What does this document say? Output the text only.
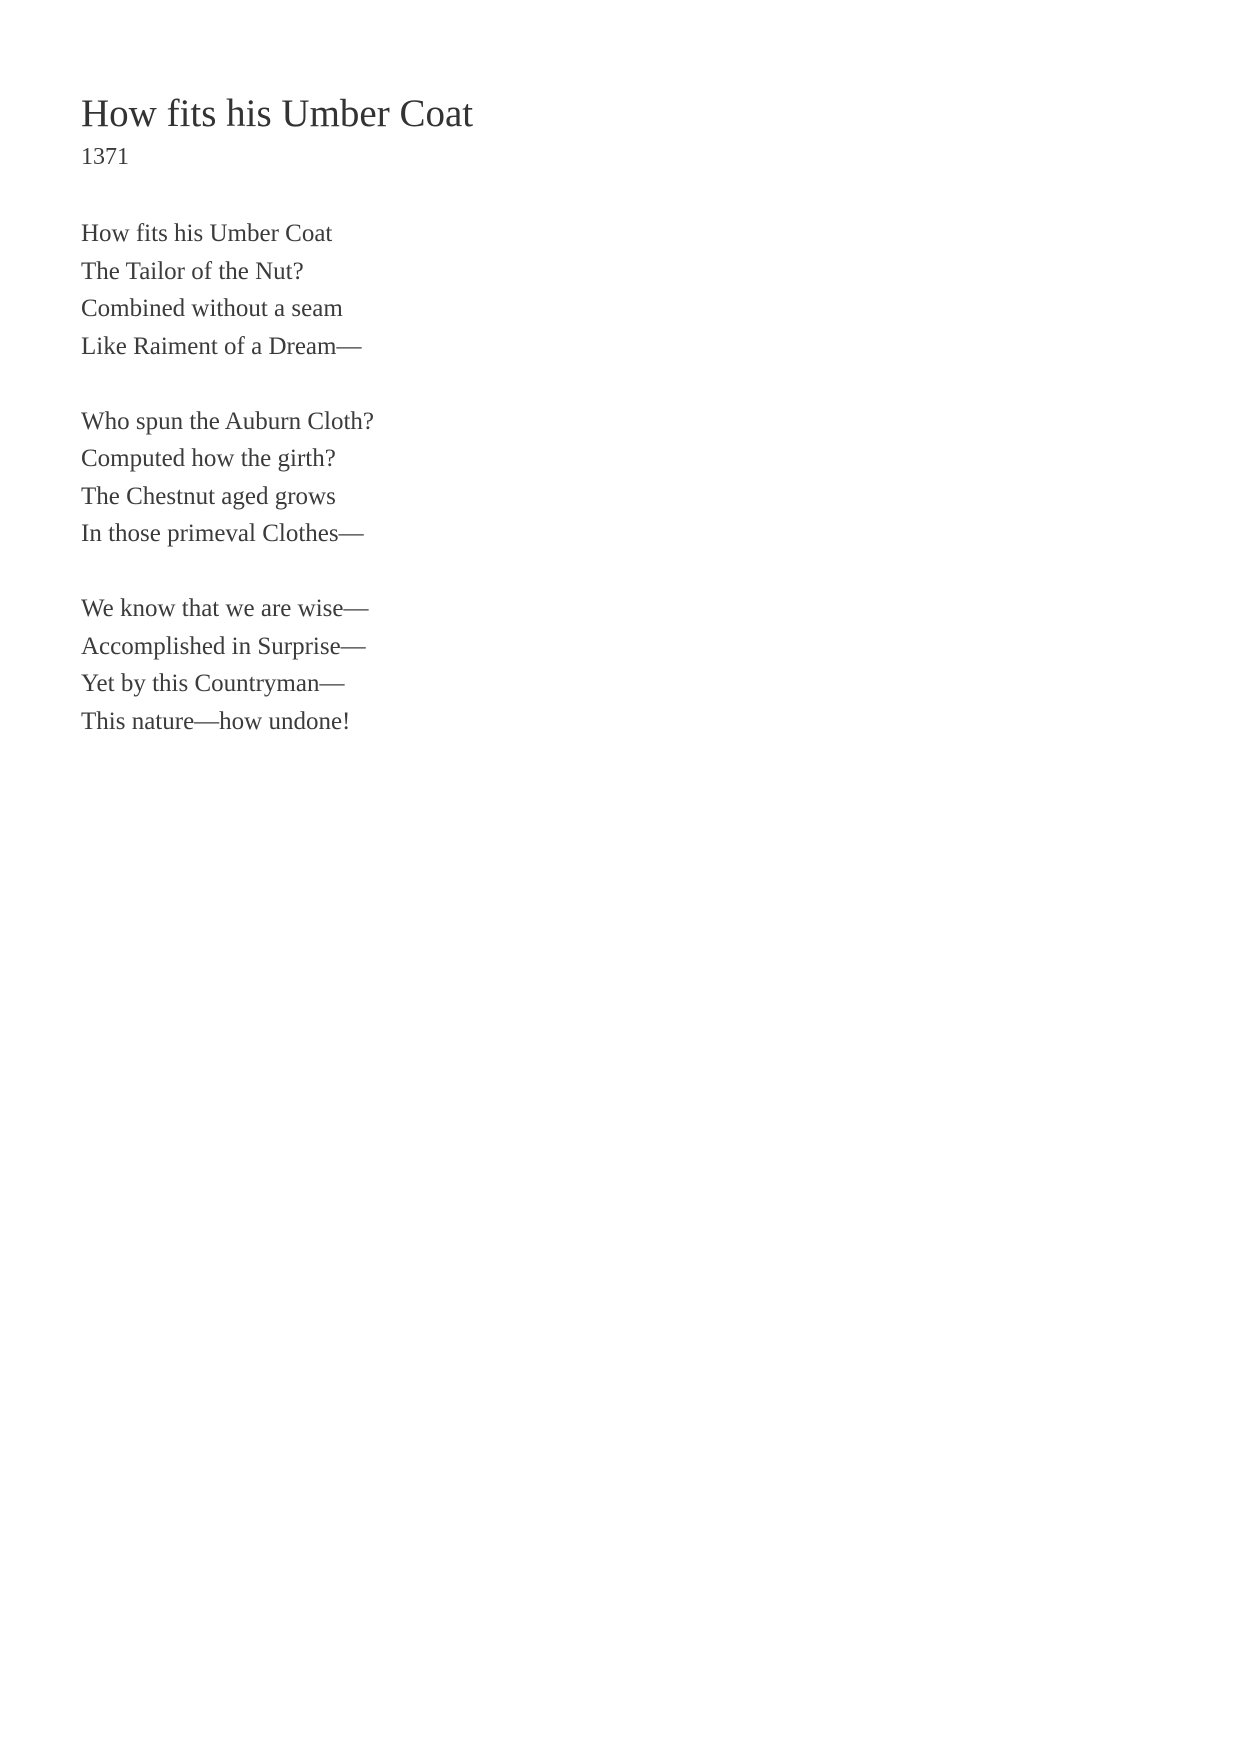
How fits his Umber Coat
1371
How fits his Umber Coat
The Tailor of the Nut?
Combined without a seam
Like Raiment of a Dream—
Who spun the Auburn Cloth?
Computed how the girth?
The Chestnut aged grows
In those primeval Clothes—
We know that we are wise—
Accomplished in Surprise—
Yet by this Countryman—
This nature—how undone!
